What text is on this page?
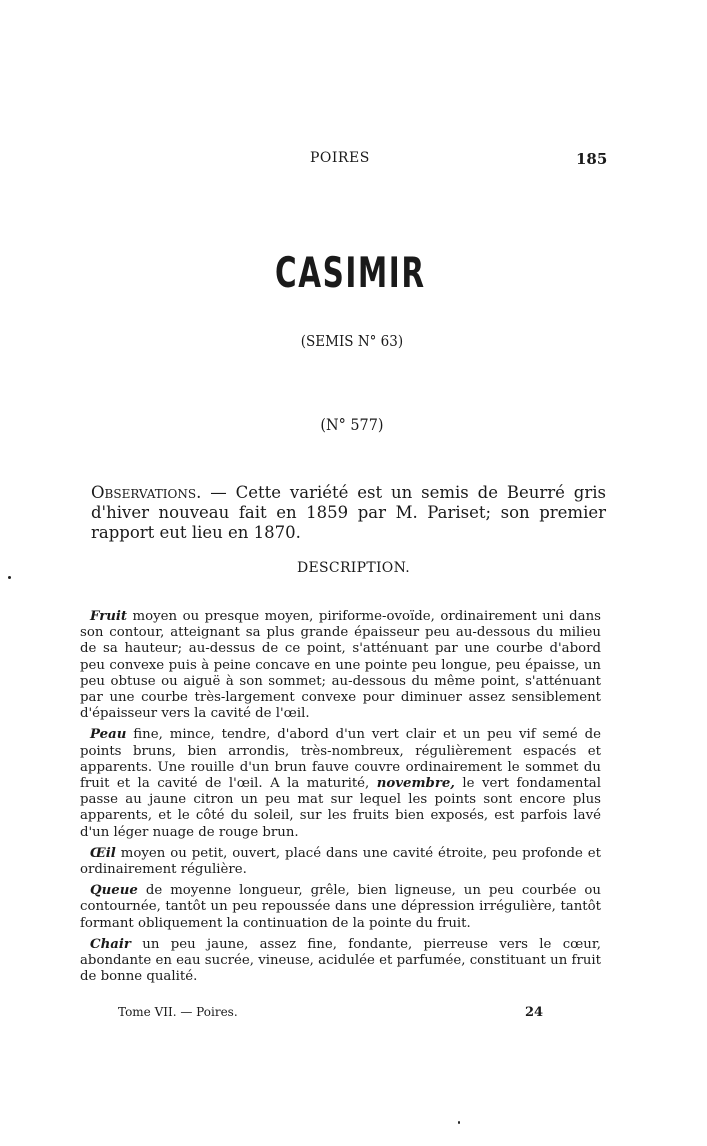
POIRES	185
CASIMIR
(SEMIS N° 63)
(N° 577)
Observations. — Cette variété est un semis de Beurré gris d'hiver nouveau fait en 1859 par M. Pariset; son premier rapport eut lieu en 1870.
DESCRIPTION.

Fruit moyen ou presque moyen, piriforme-ovoïde, ordinairement uni dans son contour, atteignant sa plus grande épaisseur peu au-dessous du milieu de sa hauteur; au-dessus de ce point, s'atténuant par une courbe d'abord peu convexe puis à peine concave en une pointe peu longue, peu épaisse, un peu obtuse ou aiguë à son sommet; au-dessous du même point, s'atténuant par une courbe très-largement convexe pour diminuer assez sensiblement d'épaisseur vers la cavité de l'œil.

Peau fine, mince, tendre, d'abord d'un vert clair et un peu vif semé de points bruns, bien arrondis, très-nombreux, régulièrement espacés et apparents. Une rouille d'un brun fauve couvre ordinairement le sommet du fruit et la cavité de l'œil. A la maturité, novembre, le vert fondamental passe au jaune citron un peu mat sur lequel les points sont encore plus apparents, et le côté du soleil, sur les fruits bien exposés, est parfois lavé d'un léger nuage de rouge brun.

Œil moyen ou petit, ouvert, placé dans une cavité étroite, peu profonde et ordinairement régulière.

Queue de moyenne longueur, grêle, bien ligneuse, un peu courbée ou contournée, tantôt un peu repoussée dans une dépression irrégulière, tantôt formant obliquement la continuation de la pointe du fruit.

Chair un peu jaune, assez fine, fondante, pierreuse vers le cœur, abondante en eau sucrée, vineuse, acidulée et parfumée, constituant un fruit de bonne qualité.

Tome VII. — Poires.	24
